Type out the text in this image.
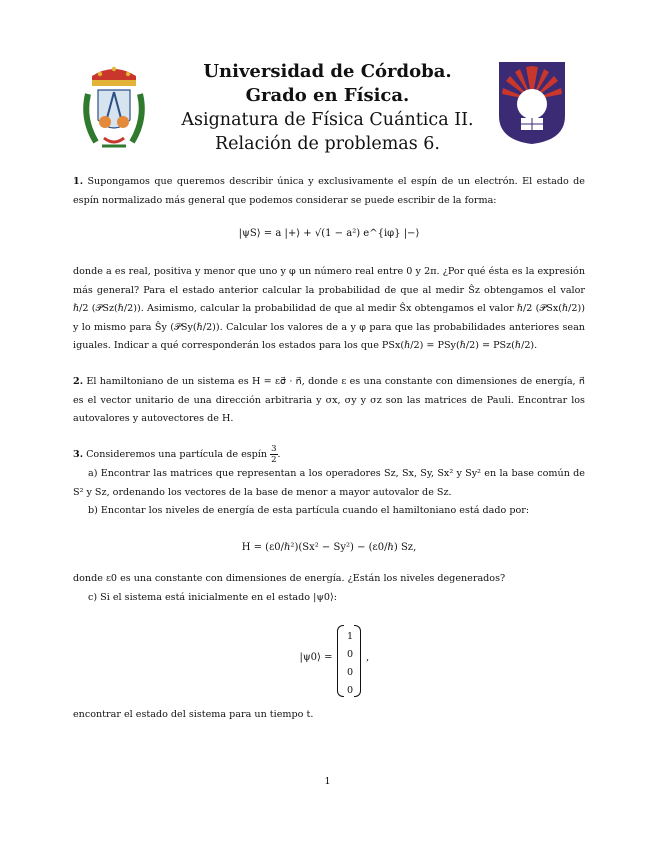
Universidad de Córdoba.
Grado en Física.
Asignatura de Física Cuántica II.
Relación de problemas 6.

1. Supongamos que queremos describir única y exclusivamente el espín de un electrón. El estado de espín normalizado más general que podemos considerar se puede escribir de la forma:

|ψS⟩ = a |+⟩ + √(1 − a²) e^{iφ} |−⟩

donde a es real, positiva y menor que uno y φ un número real entre 0 y 2π. ¿Por qué ésta es la expresión más general? Para el estado anterior calcular la probabilidad de que al medir Ŝz obtengamos el valor ℏ/2 (𝒫Sz(ℏ/2)). Asimismo, calcular la probabilidad de que al medir Ŝx obtengamos el valor ℏ/2 (𝒫Sx(ℏ/2)) y lo mismo para Ŝy (𝒫Sy(ℏ/2)). Calcular los valores de a y φ para que las probabilidades anteriores sean iguales. Indicar a qué corresponderán los estados para los que PSx(ℏ/2) = PSy(ℏ/2) = PSz(ℏ/2).

2. El hamiltoniano de un sistema es H = εσ⃗ · n⃗, donde ε es una constante con dimensiones de energía, n⃗ es el vector unitario de una dirección arbitraria y σx, σy y σz son las matrices de Pauli. Encontrar los autovalores y autovectores de H.

3. Consideremos una partícula de espín $\frac{3}{2}$ .

a) Encontrar las matrices que representan a los operadores Sz, Sx, Sy, Sx² y Sy² en la base común de S² y Sz, ordenando los vectores de la base de menor a mayor autovalor de Sz.

b) Encontar los niveles de energía de esta partícula cuando el hamiltoniano está dado por:

H = (ε0/ℏ²)(Sx² − Sy²) − (ε0/ℏ) Sz,

donde ε0 es una constante con dimensiones de energía. ¿Están los niveles degenerados?

c) Si el sistema está inicialmente en el estado |ψ0⟩:

|ψ0⟩ =
1
0
0
0
,

encontrar el estado del sistema para un tiempo t.

1
